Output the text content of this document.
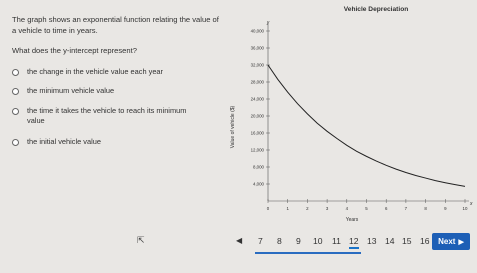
The graph shows an exponential function relating the value of a vehicle to time in years.
What does the y-intercept represent?
the change in the vehicle value each year
the minimum vehicle value
the time it takes the vehicle to reach its minimum value
the initial vehicle value
Vehicle Depreciation
4,000
8,000
12,000
16,000
20,000
24,000
28,000
32,000
36,000
40,000
0	1	2	3	4	5	6	7	8	9	10
Value of vehicle ($)
Years
y
x
⇱	◀ 7 8 9 10 11 12 13 14 15 16 Next ▶
